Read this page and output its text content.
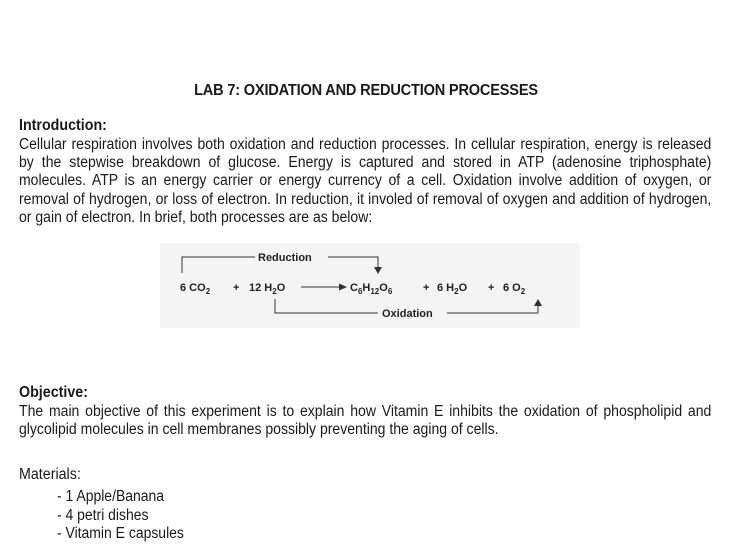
LAB 7: OXIDATION AND REDUCTION PROCESSES
Introduction:

Cellular respiration involves both oxidation and reduction processes. In cellular respiration, energy is released by the stepwise breakdown of glucose. Energy is captured and stored in ATP (adenosine triphosphate) molecules. ATP is an energy carrier or energy currency of a cell. Oxidation involve addition of oxygen, or removal of hydrogen, or loss of electron. In reduction, it involed of removal of oxygen and addition of hydrogen, or gain of electron. In brief, both processes are as below:

Reduction
6 $CO_2 + 12$ $H_2O$	$C_6H_{12}O_6$	+ 6 $H_2O + 6$ $O_2$
Oxidation
Objective:

The main objective of this experiment is to explain how Vitamin E inhibits the oxidation of phospholipid and glycolipid molecules in cell membranes possibly preventing the aging of cells.

Materials:
- 1 Apple/Banana
- 4 petri dishes
- Vitamin E capsules
